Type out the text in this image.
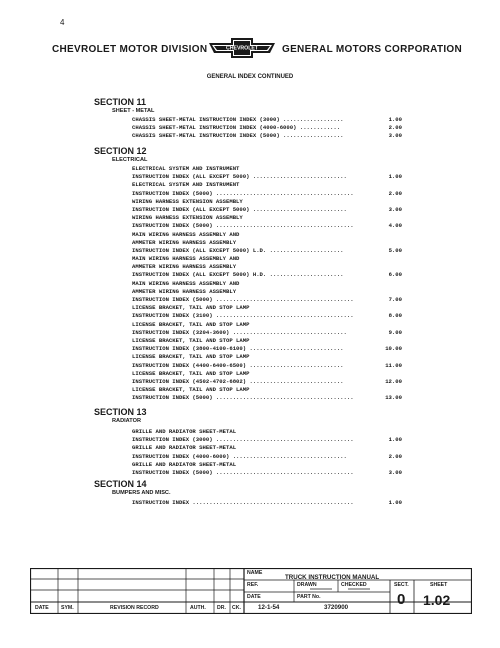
4
CHEVROLET MOTOR DIVISION	CHEVROLET GENERAL MOTORS CORPORATION
GENERAL INDEX CONTINUED
SECTION 11
SHEET - METAL
CHASSIS SHEET-METAL INSTRUCTION INDEX (3000) ..................	1.00
CHASSIS SHEET-METAL INSTRUCTION INDEX (4000-6000) ............	2.00
CHASSIS SHEET-METAL INSTRUCTION INDEX (5000) ..................	3.00
SECTION 12
ELECTRICAL
ELECTRICAL SYSTEM AND INSTRUMENT
INSTRUCTION INDEX (ALL EXCEPT 5000) ............................	1.00
ELECTRICAL SYSTEM AND INSTRUMENT
INSTRUCTION INDEX (5000) .........................................	2.00
WIRING HARNESS EXTENSION ASSEMBLY
INSTRUCTION INDEX (ALL EXCEPT 5000) ............................	3.00
WIRING HARNESS EXTENSION ASSEMBLY
INSTRUCTION INDEX (5000) .........................................	4.00
MAIN WIRING HARNESS ASSEMBLY AND
AMMETER WIRING HARNESS ASSEMBLY
INSTRUCTION INDEX (ALL EXCEPT 5000) L.D. ......................	5.00
MAIN WIRING HARNESS ASSEMBLY AND
AMMETER WIRING HARNESS ASSEMBLY
INSTRUCTION INDEX (ALL EXCEPT 5000) H.D. ......................	6.00
MAIN WIRING HARNESS ASSEMBLY AND
AMMETER WIRING HARNESS ASSEMBLY
INSTRUCTION INDEX (5000) .........................................	7.00
LICENSE BRACKET, TAIL AND STOP LAMP
INSTRUCTION INDEX (3100) .........................................	8.00
LICENSE BRACKET, TAIL AND STOP LAMP
INSTRUCTION INDEX (3204-3600) ..................................	9.00
LICENSE BRACKET, TAIL AND STOP LAMP
INSTRUCTION INDEX (3800-4100-6100) ............................	10.00
LICENSE BRACKET, TAIL AND STOP LAMP
INSTRUCTION INDEX (4400-6400-6500) ............................	11.00
LICENSE BRACKET, TAIL AND STOP LAMP
INSTRUCTION INDEX (4502-4702-6802) ............................	12.00
LICENSE BRACKET, TAIL AND STOP LAMP
INSTRUCTION INDEX (5000) .........................................	13.00
SECTION 13
RADIATOR
GRILLE AND RADIATOR SHEET-METAL
INSTRUCTION INDEX (3000) .........................................	1.00
GRILLE AND RADIATOR SHEET-METAL
INSTRUCTION INDEX (4000-6000) ..................................	2.00
GRILLE AND RADIATOR SHEET-METAL
INSTRUCTION INDEX (5000) .........................................	3.00
SECTION 14
BUMPERS AND MISC.
INSTRUCTION INDEX ................................................	1.00
DATE SYM.	REVISION RECORD	AUTH. DR. CK.
NAME
TRUCK INSTRUCTION MANUAL
REF.	DRAWN	CHECKED	SECT.	SHEET
DATE
12-1-54
PART No.
3720900	0 1.02
